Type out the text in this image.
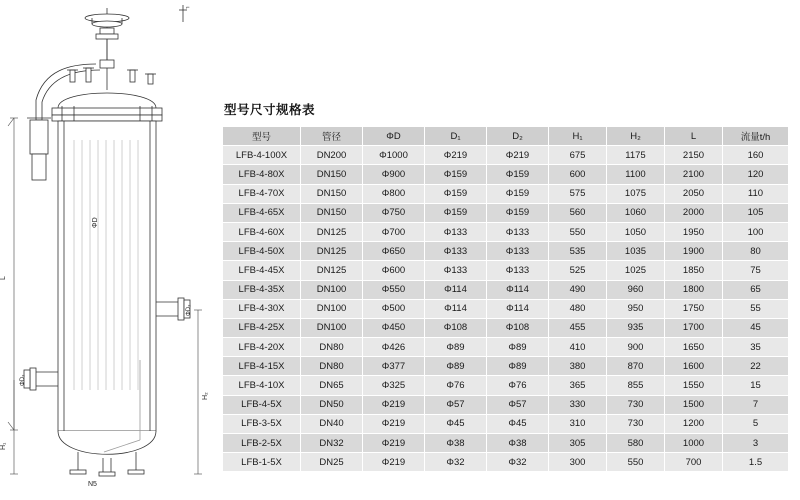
⌐
L
ΦD
ΦD₂
ΦD₂
H₁
H₂
N5
型号尺寸规格表
型号	管径	ΦD	D₁	D₂	H₁	H₂	L	流量t/h
LFB-4-100X	DN200	Φ1000	Φ219	Φ219	675	1175	2150	160
LFB-4-80X	DN150	Φ900	Φ159	Φ159	600	1100	2100	120
LFB-4-70X	DN150	Φ800	Φ159	Φ159	575	1075	2050	110
LFB-4-65X	DN150	Φ750	Φ159	Φ159	560	1060	2000	105
LFB-4-60X	DN125	Φ700	Φ133	Φ133	550	1050	1950	100
LFB-4-50X	DN125	Φ650	Φ133	Φ133	535	1035	1900	80
LFB-4-45X	DN125	Φ600	Φ133	Φ133	525	1025	1850	75
LFB-4-35X	DN100	Φ550	Φ114	Φ114	490	960	1800	65
LFB-4-30X	DN100	Φ500	Φ114	Φ114	480	950	1750	55
LFB-4-25X	DN100	Φ450	Φ108	Φ108	455	935	1700	45
LFB-4-20X	DN80	Φ426	Φ89	Φ89	410	900	1650	35
LFB-4-15X	DN80	Φ377	Φ89	Φ89	380	870	1600	22
LFB-4-10X	DN65	Φ325	Φ76	Φ76	365	855	1550	15
LFB-4-5X	DN50	Φ219	Φ57	Φ57	330	730	1500	7
LFB-3-5X	DN40	Φ219	Φ45	Φ45	310	730	1200	5
LFB-2-5X	DN32	Φ219	Φ38	Φ38	305	580	1000	3
LFB-1-5X	DN25	Φ219	Φ32	Φ32	300	550	700	1.5
